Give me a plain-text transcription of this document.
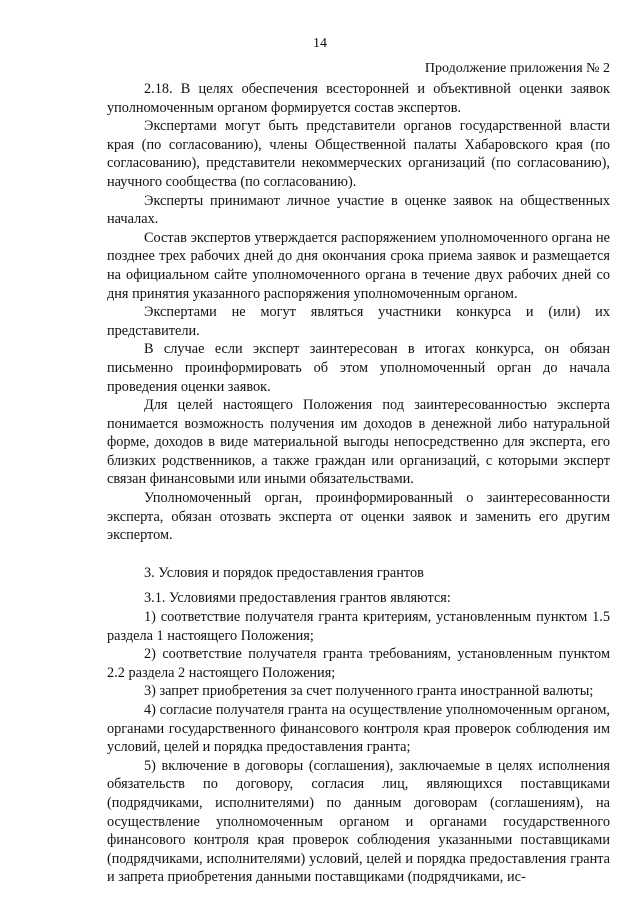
14
Продолжение приложения № 2

2.18. В целях обеспечения всесторонней и объективной оценки заявок уполномоченным органом формируется состав экспертов.

Экспертами могут быть представители органов государственной власти края (по согласованию), члены Общественной палаты Хабаровского края (по согласованию), представители некоммерческих организаций (по согласованию), научного сообщества (по согласованию).

Эксперты принимают личное участие в оценке заявок на общественных началах.

Состав экспертов утверждается распоряжением уполномоченного органа не позднее трех рабочих дней до дня окончания срока приема заявок и размещается на официальном сайте уполномоченного органа в течение двух рабочих дней со дня принятия указанного распоряжения уполномоченным органом.

Экспертами не могут являться участники конкурса и (или) их представители.

В случае если эксперт заинтересован в итогах конкурса, он обязан письменно проинформировать об этом уполномоченный орган до начала проведения оценки заявок.

Для целей настоящего Положения под заинтересованностью эксперта понимается возможность получения им доходов в денежной либо натуральной форме, доходов в виде материальной выгоды непосредственно для эксперта, его близких родственников, а также граждан или организаций, с которыми эксперт связан финансовыми или иными обязательствами.

Уполномоченный орган, проинформированный о заинтересованности эксперта, обязан отозвать эксперта от оценки заявок и заменить его другим экспертом.

3. Условия и порядок предоставления грантов

3.1. Условиями предоставления грантов являются:

1) соответствие получателя гранта критериям, установленным пунктом 1.5 раздела 1 настоящего Положения;

2) соответствие получателя гранта требованиям, установленным пунктом 2.2 раздела 2 настоящего Положения;

3) запрет приобретения за счет полученного гранта иностранной валюты;

4) согласие получателя гранта на осуществление уполномоченным органом, органами государственного финансового контроля края проверок соблюдения им условий, целей и порядка предоставления гранта;

5) включение в договоры (соглашения), заключаемые в целях исполнения обязательств по договору, согласия лиц, являющихся поставщиками (подрядчиками, исполнителями) по данным договорам (соглашениям), на осуществление уполномоченным органом и органами государственного финансового контроля края проверок соблюдения указанными поставщиками (подрядчиками, исполнителями) условий, целей и порядка предоставления гранта и запрета приобретения данными поставщиками (подрядчиками, ис-
